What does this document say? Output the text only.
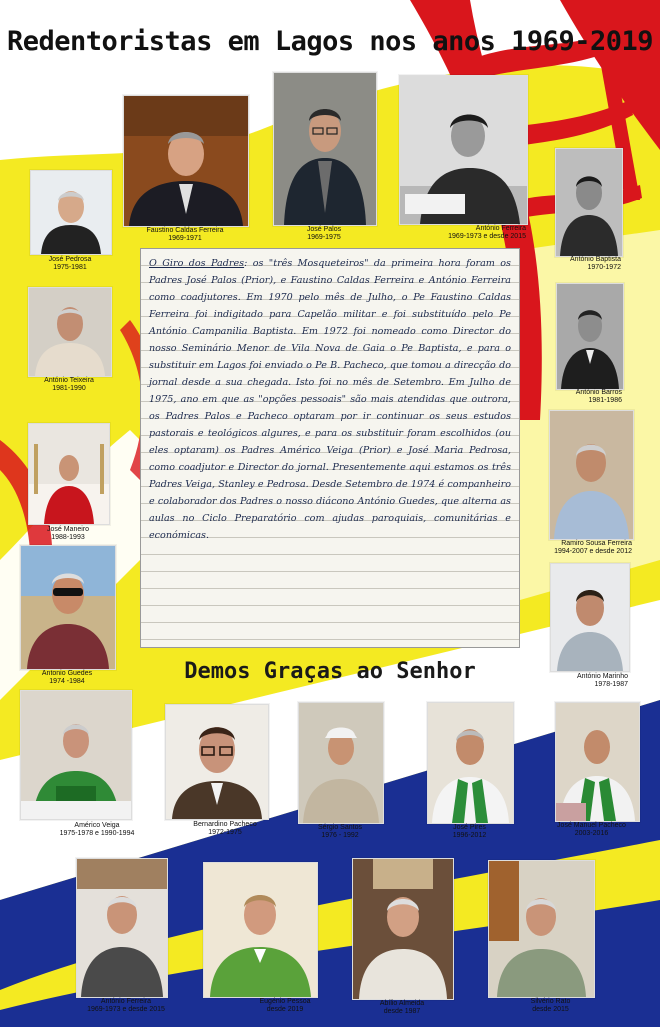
Redentoristas em Lagos nos anos 1969-2019

O Giro dos Padres: os "três Mosqueteiros" da primeira hora foram os Padres José Palos (Prior), e Faustino Caldas Ferreira e António Ferreira como coadjutores. Em 1970 pelo mês de Julho, o Pe Faustino Caldas Ferreira foi indigitado para Capelão militar e foi substituído pelo Pe António Campanilia Baptista. Em 1972 foi nomeado como Director do nosso Seminário Menor de Vila Nova de Gaia o Pe Baptista, e para o substituir em Lagos foi enviado o Pe B. Pacheco, que tomou a direcção do jornal desde a sua chegada. Isto foi no mês de Setembro. Em Julho de 1975, ano em que as "opções pessoais" são mais atendidas que outrora, os Padres Palos e Pacheco optaram por ir continuar os seus estudos pastorais e teológicos algures, e para os substituir foram escolhidos (ou eles optaram) os Padres Américo Veiga (Prior) e José Maria Pedrosa, como coadjutor e Director do jornal. Presentemente aqui estamos os três Padres Veiga, Stanley e Pedrosa. Desde Setembro de 1974 é companheiro e colaborador dos Padres o nosso diácono António Guedes, que alterna as aulas no Ciclo Preparatório com ajudas paroquiais, comunitárias e económicas.

Demos Graças ao Senhor
José Pedrosa
1975-1981
Faustino Caldas Ferreira
1969-1971
José Palos
1969-1975
António Ferreira
1969-1973 e desde 2015
António Baptista
1970-1972
António Teixeira
1981-1990
António Barros
1981-1986
José Maneiro
1988-1993
Ramiro Sousa Ferreira
1994-2007 e desde 2012
Antonio Guedes
1974 -1984
António Marinho
1978-1987
Américo Veiga
1975-1978 e 1990-1994
Bernardino Pacheco
1972-1975
Sérgio Santos
1976 - 1992
José Pires
1996-2012
José Manuel Pacheco
2003-2016
António Ferreira
1969-1973 e desde 2015
Eugénio Pessoa
desde 2019
Abílio Almeida
desde 1987
Silvério Rato
desde 2015
